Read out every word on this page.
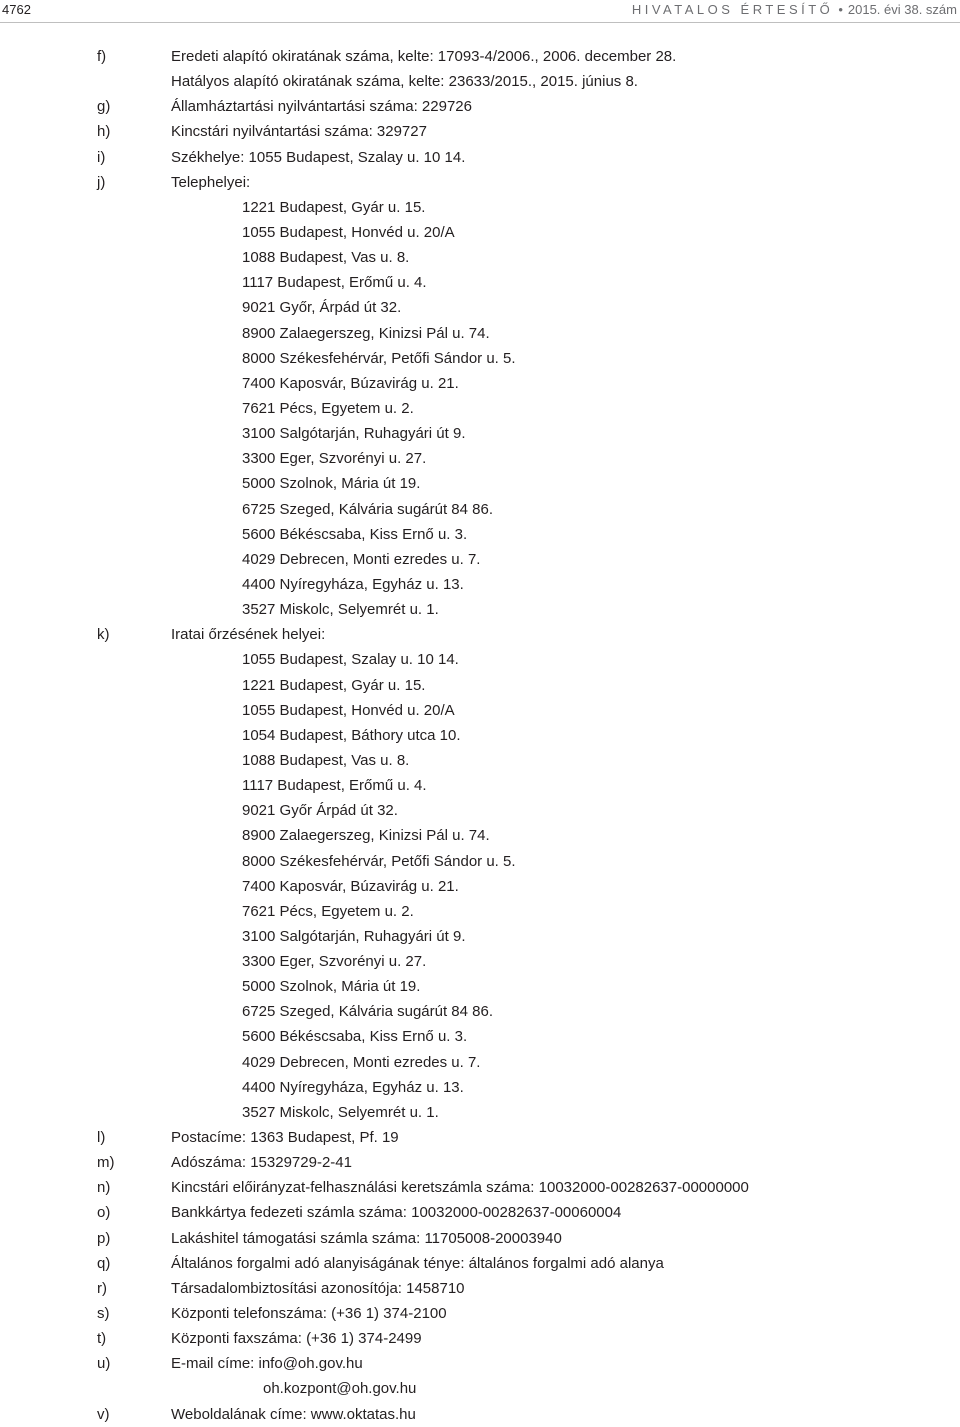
4762	HIVATALOS ÉRTESÍTŐ • 2015. évi 38. szám
f)	Eredeti alapító okiratának száma, kelte: 17093-4/2006., 2006. december 28.
Hatályos alapító okiratának száma, kelte: 23633/2015., 2015. június 8.
g)	Államháztartási nyilvántartási száma: 229726
h)	Kincstári nyilvántartási száma: 329727
i)	Székhelye: 1055 Budapest, Szalay u. 10 14.
j)	Telephelyei:
1221 Budapest, Gyár u. 15.
1055 Budapest, Honvéd u. 20/A
1088 Budapest, Vas u. 8.
1117 Budapest, Erőmű u. 4.
9021 Győr, Árpád út 32.
8900 Zalaegerszeg, Kinizsi Pál u. 74.
8000 Székesfehérvár, Petőfi Sándor u. 5.
7400 Kaposvár, Búzavirág u. 21.
7621 Pécs, Egyetem u. 2.
3100 Salgótarján, Ruhagyári út 9.
3300 Eger, Szvorényi u. 27.
5000 Szolnok, Mária út 19.
6725 Szeged, Kálvária sugárút 84 86.
5600 Békéscsaba, Kiss Ernő u. 3.
4029 Debrecen, Monti ezredes u. 7.
4400 Nyíregyháza, Egyház u. 13.
3527 Miskolc, Selyemrét u. 1.
k)	Iratai őrzésének helyei:
1055 Budapest, Szalay u. 10 14.
1221 Budapest, Gyár u. 15.
1055 Budapest, Honvéd u. 20/A
1054 Budapest, Báthory utca 10.
1088 Budapest, Vas u. 8.
1117 Budapest, Erőmű u. 4.
9021 Győr Árpád út 32.
8900 Zalaegerszeg, Kinizsi Pál u. 74.
8000 Székesfehérvár, Petőfi Sándor u. 5.
7400 Kaposvár, Búzavirág u. 21.
7621 Pécs, Egyetem u. 2.
3100 Salgótarján, Ruhagyári út 9.
3300 Eger, Szvorényi u. 27.
5000 Szolnok, Mária út 19.
6725 Szeged, Kálvária sugárút 84 86.
5600 Békéscsaba, Kiss Ernő u. 3.
4029 Debrecen, Monti ezredes u. 7.
4400 Nyíregyháza, Egyház u. 13.
3527 Miskolc, Selyemrét u. 1.
l)	Postacíme: 1363 Budapest, Pf. 19
m)	Adószáma: 15329729-2-41
n)	Kincstári előirányzat-felhasználási keretszámla száma: 10032000-00282637-00000000
o)	Bankkártya fedezeti számla száma: 10032000-00282637-00060004
p)	Lakáshitel támogatási számla száma: 11705008-20003940
q)	Általános forgalmi adó alanyiságának ténye: általános forgalmi adó alanya
r)	Társadalombiztosítási azonosítója: 1458710
s)	Központi telefonszáma: (+36 1) 374-2100
t)	Központi faxszáma: (+36 1) 374-2499
u)	E-mail címe: info@oh.gov.hu
oh.kozpont@oh.gov.hu
v)	Weboldalának címe: www.oktatas.hu
